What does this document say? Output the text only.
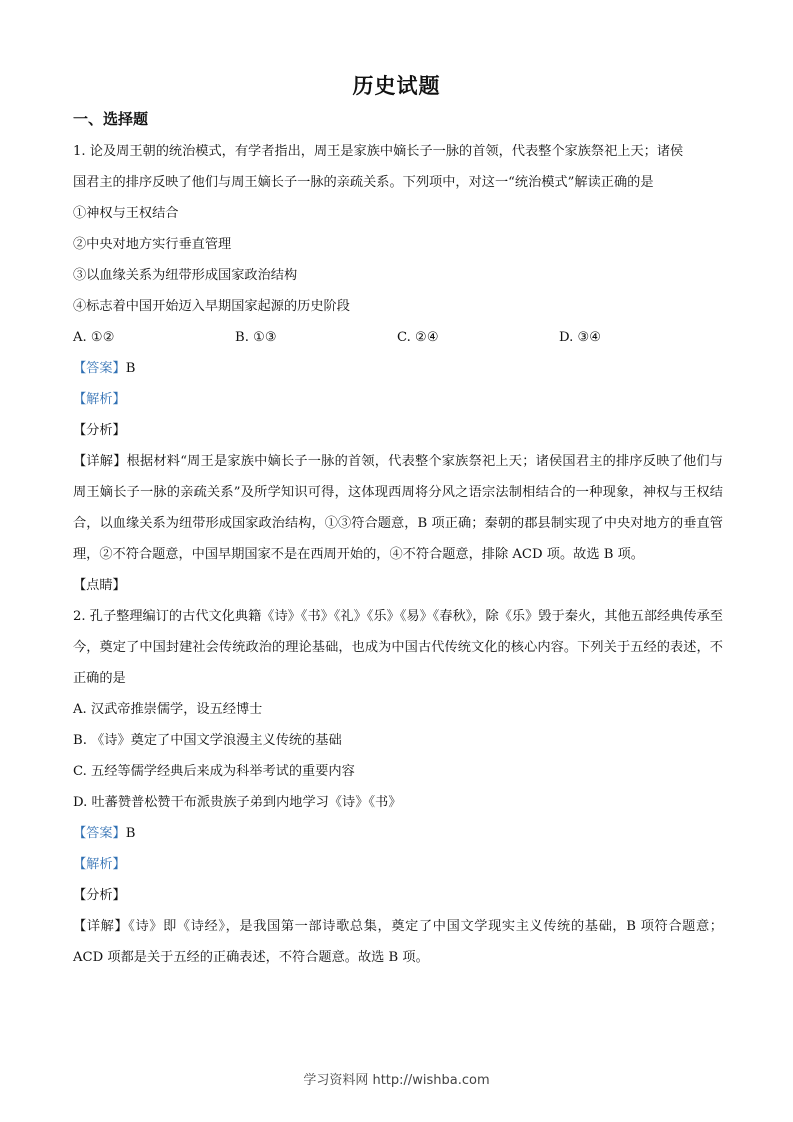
历史试题
一、选择题

1. 论及周王朝的统治模式，有学者指出，周王是家族中嫡长子一脉的首领，代表整个家族祭祀上天；诸侯

国君主的排序反映了他们与周王嫡长子一脉的亲疏关系。下列项中，对这一“统治模式”解读正确的是

①神权与王权结合

②中央对地方实行垂直管理

③以血缘关系为纽带形成国家政治结构

④标志着中国开始迈入早期国家起源的历史阶段

A. ①②	B. ①③	C. ②④	D. ③④

【答案】B

【解析】

【分析】

【详解】根据材料“周王是家族中嫡长子一脉的首领，代表整个家族祭祀上天；诸侯国君主的排序反映了他们与周王嫡长子一脉的亲疏关系”及所学知识可得，这体现西周将分风之语宗法制相结合的一种现象，神权与王权结合，以血缘关系为纽带形成国家政治结构，①③符合题意，B 项正确；秦朝的郡县制实现了中央对地方的垂直管理，②不符合题意，中国早期国家不是在西周开始的，④不符合题意，排除 ACD 项。故选 B 项。

【点睛】

2. 孔子整理编订的古代文化典籍《诗》《书》《礼》《乐》《易》《春秋》，除《乐》毁于秦火，其他五部经典传承至今，奠定了中国封建社会传统政治的理论基础，也成为中国古代传统文化的核心内容。下列关于五经的表述，不正确的是

A. 汉武帝推崇儒学，设五经博士

B. 《诗》奠定了中国文学浪漫主义传统的基础

C. 五经等儒学经典后来成为科举考试的重要内容

D. 吐蕃赞普松赞干布派贵族子弟到内地学习《诗》《书》

【答案】B

【解析】

【分析】

【详解】《诗》即《诗经》，是我国第一部诗歌总集，奠定了中国文学现实主义传统的基础，B 项符合题意；ACD 项都是关于五经的正确表述，不符合题意。故选 B 项。

学习资料网 http://wishba.com
